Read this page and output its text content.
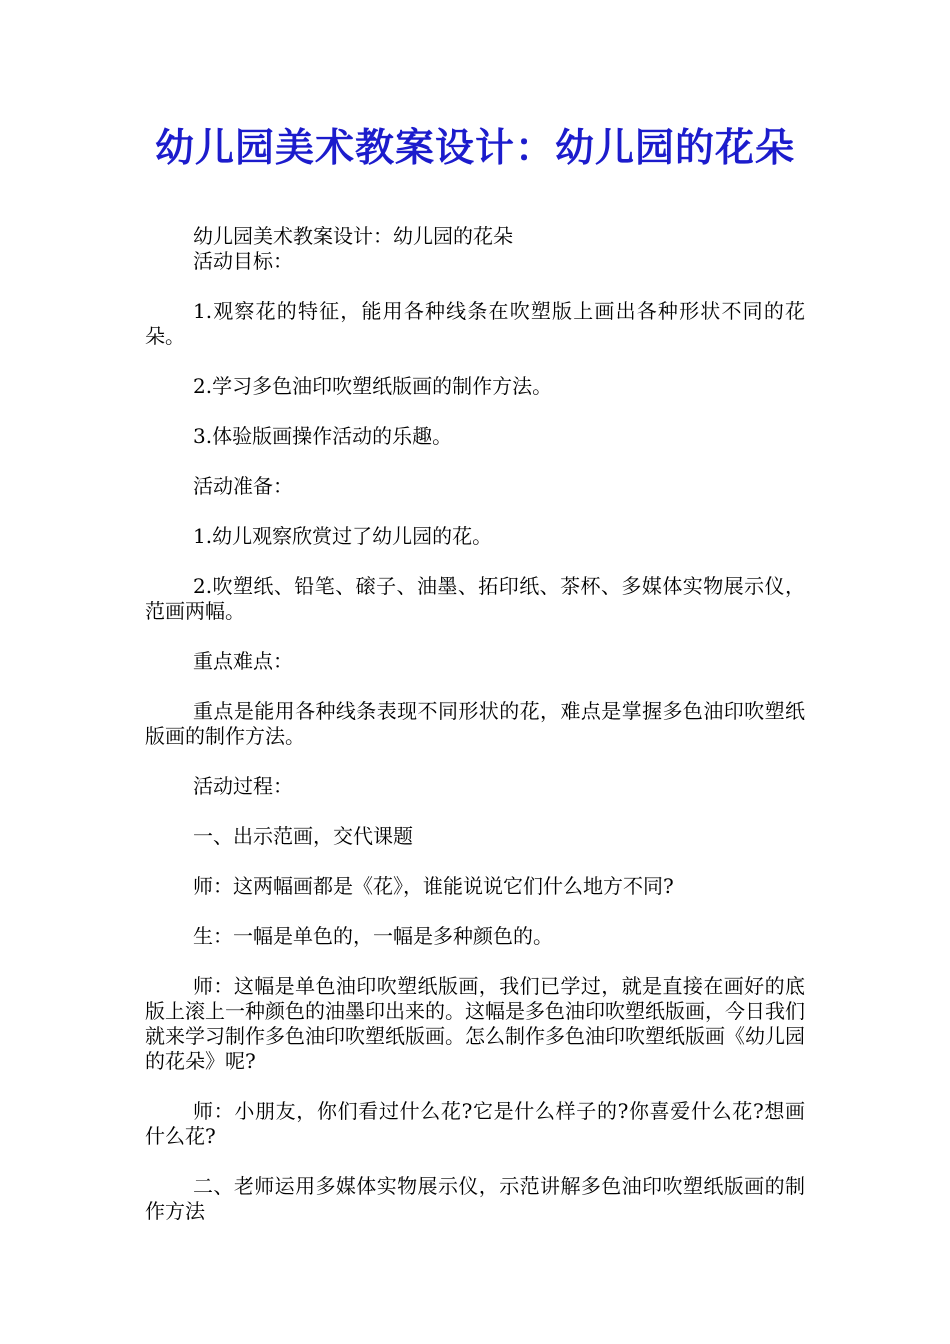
幼儿园美术教案设计：幼儿园的花朵

幼儿园美术教案设计：幼儿园的花朵

活动目标：

1.观察花的特征，能用各种线条在吹塑版上画出各种形状不同的花朵。

2.学习多色油印吹塑纸版画的制作方法。

3.体验版画操作活动的乐趣。

活动准备：

1.幼儿观察欣赏过了幼儿园的花。

2.吹塑纸、铅笔、磙子、油墨、拓印纸、茶杯、多媒体实物展示仪，范画两幅。

重点难点：

重点是能用各种线条表现不同形状的花，难点是掌握多色油印吹塑纸版画的制作方法。

活动过程：

一、出示范画，交代课题

师：这两幅画都是《花》，谁能说说它们什么地方不同?

生：一幅是单色的，一幅是多种颜色的。

师：这幅是单色油印吹塑纸版画，我们已学过，就是直接在画好的底版上滚上一种颜色的油墨印出来的。这幅是多色油印吹塑纸版画，今日我们就来学习制作多色油印吹塑纸版画。怎么制作多色油印吹塑纸版画《幼儿园的花朵》呢?

师：小朋友，你们看过什么花?它是什么样子的?你喜爱什么花?想画什么花?

二、老师运用多媒体实物展示仪，示范讲解多色油印吹塑纸版画的制作方法
